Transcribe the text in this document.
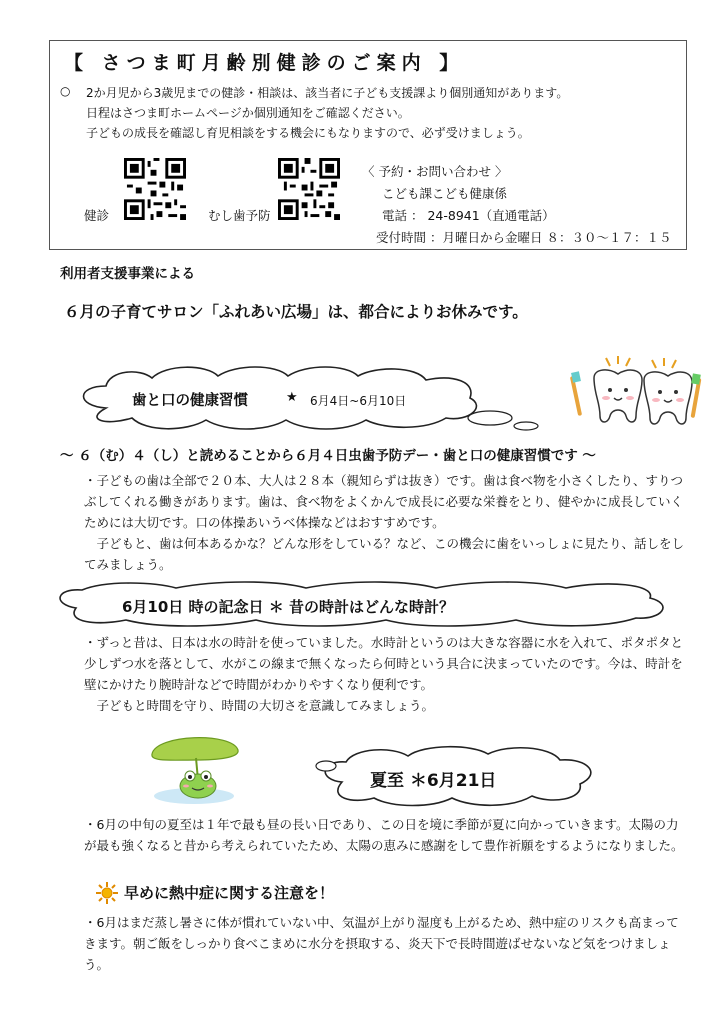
【 さつま町月齢別健診のご案内 】
○ 2か月児から3歳児までの健診・相談は、該当者に子ども支援課より個別通知があります。
日程はさつま町ホームページか個別通知をご確認ください。
子どもの成長を確認し育児相談をする機会にもなりますので、必ず受けましょう。
健診	むし歯予防
〈 予約・お問い合わせ 〉
こども課こども健康係
電話 ： 24-8941（直通電話）
受付時間 ：月曜日から金曜日 ８：３０～１７：１５
利用者支援事業による
６月の子育てサロン「ふれあい広場」は、都合によりお休みです。
歯と口の健康習慣	★ 6月4日~6月10日
～ ６（む）４（し）と読めることから６月４日虫歯予防デー・歯と口の健康習慣です ～

・子どもの歯は全部で２０本、大人は２８本（親知らずは抜き）です。歯は食べ物を小さくしたり、すりつぶしてくれる働きがあります。歯は、食べ物をよくかんで成長に必要な栄養をとり、健やかに成長していくためには大切です。口の体操あいうべ体操などはおすすめです。

　子どもと、歯は何本あるかな？どんな形をしている？など、この機会に歯をいっしょに見たり、話しをしてみましょう。

6月10日 時の記念日 ＊ 昔の時計はどんな時計？

・ずっと昔は、日本は水の時計を使っていました。水時計というのは大きな容器に水を入れて、ポタポタと少しずつ水を落として、水がこの線まで無くなったら何時という具合に決まっていたのです。今は、時計を壁にかけたり腕時計などで時間がわかりやすくなり便利です。

　子どもと時間を守り、時間の大切さを意識してみましょう。

夏至 ＊6月21日

・6月の中旬の夏至は１年で最も昼の長い日であり、この日を境に季節が夏に向かっていきます。太陽の力が最も強くなると昔から考えられていたため、太陽の恵みに感謝をして豊作祈願をするようになりました。

早めに熱中症に関する注意を！

・6月はまだ蒸し暑さに体が慣れていない中、気温が上がり湿度も上がるため、熱中症のリスクも高まってきます。朝ご飯をしっかり食べこまめに水分を摂取する、炎天下で長時間遊ばせないなど気をつけましょう。
